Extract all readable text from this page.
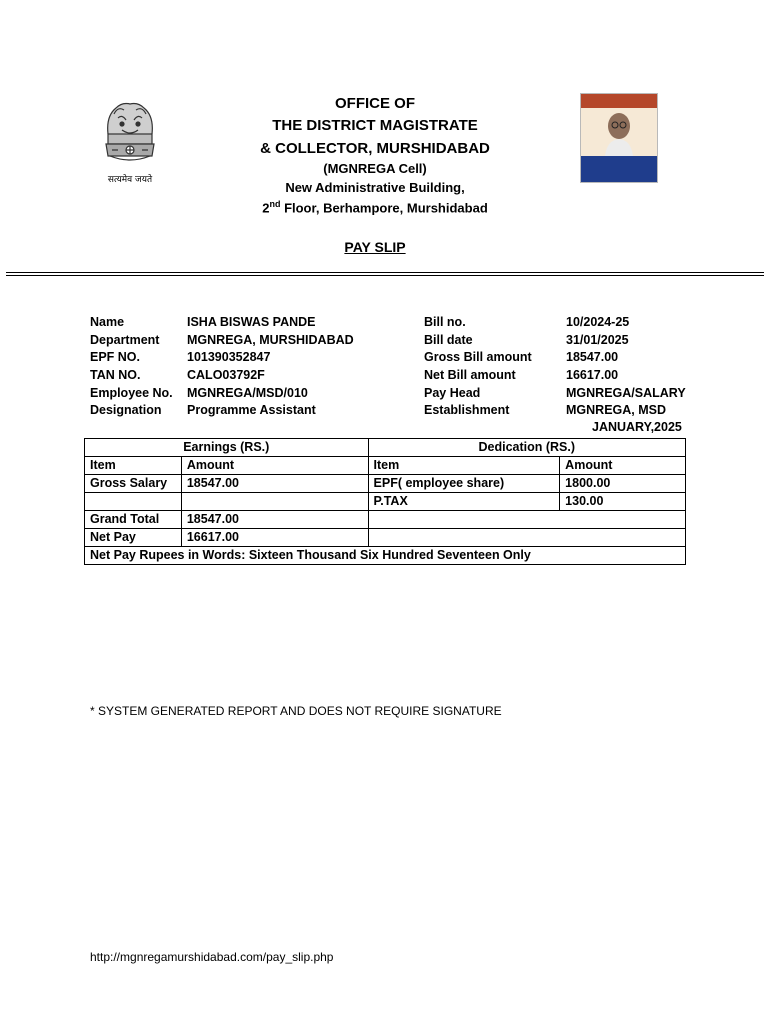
सत्यमेव जयते
OFFICE OF
THE DISTRICT MAGISTRATE
& COLLECTOR, MURSHIDABAD
(MGNREGA Cell)
New Administrative Building,
2nd Floor, Berhampore, Murshidabad
PAY SLIP
Name	ISHA BISWAS PANDE
Department MGNREGA, MURSHIDABAD
EPF NO.	101390352847
TAN NO.	CALO03792F
Employee No. MGNREGA/MSD/010
Designation Programme Assistant
Bill no.	10/2024-25
Bill date	31/01/2025
Gross Bill amount	18547.00
Net Bill amount	16617.00
Pay Head	MGNREGA/SALARY
Establishment	MGNREGA, MSD
JANUARY,2025
Earnings (RS.)		Dedication (RS.)	
Item	Amount	Item	Amount
Gross Salary	18547.00	EPF( employee share)	1800.00
		P.TAX	130.00
Grand Total	18547.00		
Net Pay	16617.00		
Net Pay Rupees in Words: Sixteen Thousand Six Hundred Seventeen Only			
* SYSTEM GENERATED REPORT AND DOES NOT REQUIRE SIGNATURE
http://mgnregamurshidabad.com/pay_slip.php
